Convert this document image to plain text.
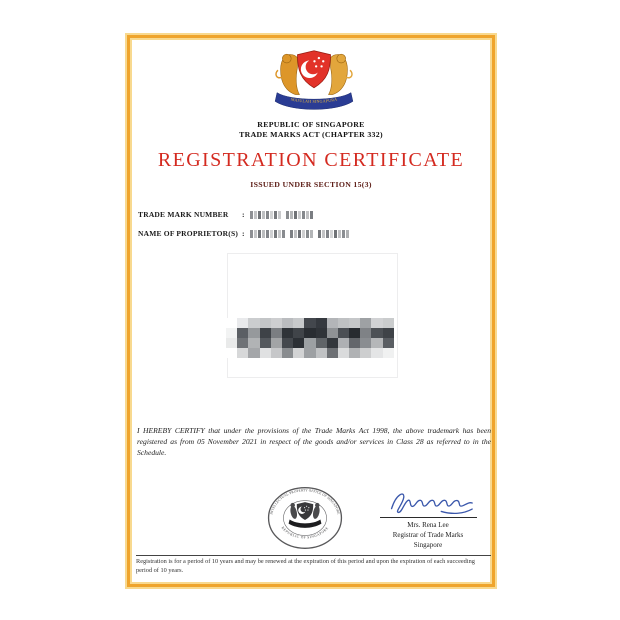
MAJULAH SINGAPURA
REPUBLIC OF SINGAPORE
TRADE MARKS ACT (CHAPTER 332)
REGISTRATION CERTIFICATE
ISSUED UNDER SECTION 15(3)
TRADE MARK NUMBER :
NAME OF PROPRIETOR(S) :
I HEREBY CERTIFY that under the provisions of the Trade Marks Act 1998, the above trademark has been registered as from 05 November 2021 in respect of the goods and/or services in Class 28 as referred to in the Schedule.
INTELLECTUAL PROPERTY OFFICE OF SINGAPORE
REPUBLIC OF SINGAPORE	Mrs. Rena Lee
Registrar of Trade Marks
Singapore
Registration is for a period of 10 years and may be renewed at the expiration of this period and upon the expiration of each succeeding period of 10 years.
